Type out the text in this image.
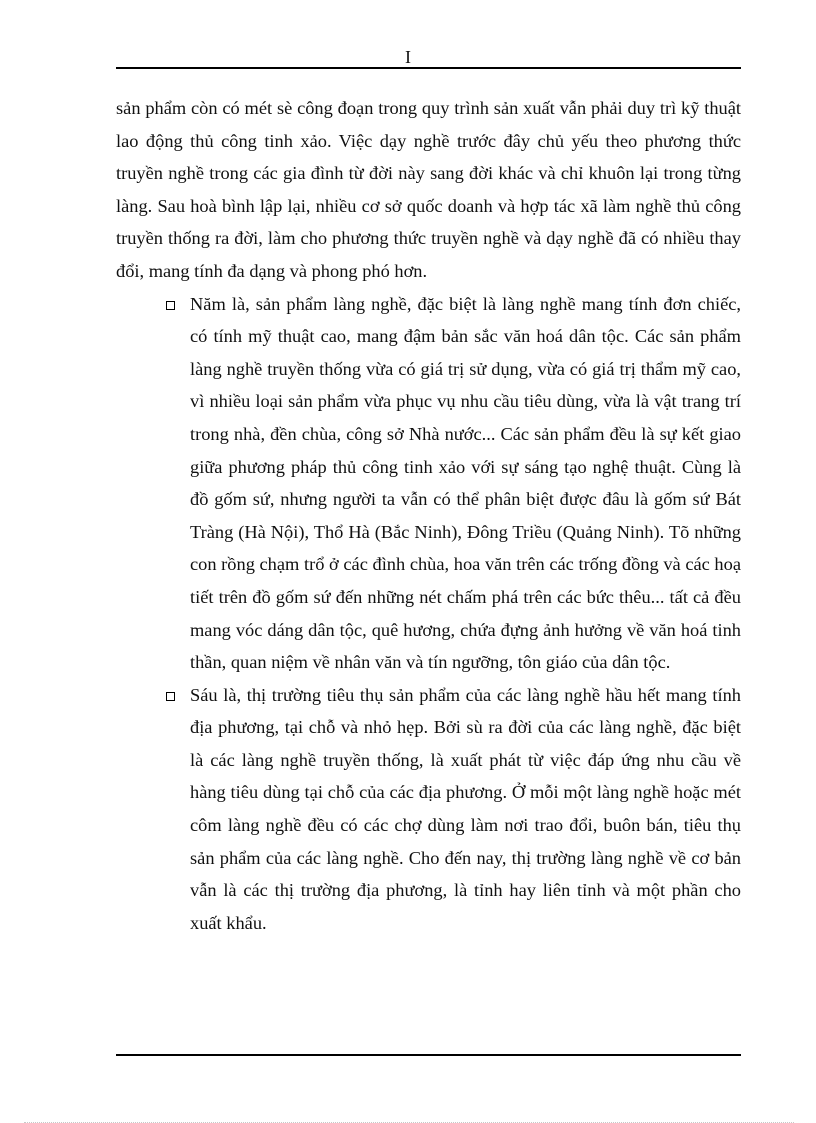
I

sản phẩm còn có mét sè công đoạn trong quy trình sản xuất vẫn phải duy trì kỹ thuật lao động thủ công tinh xảo. Việc dạy nghề trước đây chủ yếu theo phương thức truyền nghề trong các gia đình từ đời này sang đời khác và chỉ khuôn lại trong từng làng. Sau hoà bình lập lại, nhiều cơ sở quốc doanh và hợp tác xã làm nghề thủ công truyền thống ra đời, làm cho phương thức truyền nghề và dạy nghề đã có nhiều thay đổi, mang tính đa dạng và phong phó hơn.

Năm là, sản phẩm làng nghề, đặc biệt là làng nghề mang tính đơn chiếc, có tính mỹ thuật cao, mang đậm bản sắc văn hoá dân tộc. Các sản phẩm làng nghề truyền thống vừa có giá trị sử dụng, vừa có giá trị thẩm mỹ cao, vì nhiều loại sản phẩm vừa phục vụ nhu cầu tiêu dùng, vừa là vật trang trí trong nhà, đền chùa, công sở Nhà nước... Các sản phẩm đều là sự kết giao giữa phương pháp thủ công tinh xảo với sự sáng tạo nghệ thuật. Cùng là đồ gốm sứ, nhưng người ta vẫn có thể phân biệt được đâu là gốm sứ Bát Tràng (Hà Nội), Thổ Hà (Bắc Ninh), Đông Triều (Quảng Ninh). Tõ những con rồng chạm trổ ở các đình chùa, hoa văn trên các trống đồng và các hoạ tiết trên đồ gốm sứ đến những nét chấm phá trên các bức thêu... tất cả đều mang vóc dáng dân tộc, quê hương, chứa đựng ảnh hưởng về văn hoá tinh thần, quan niệm về nhân văn và tín ngưỡng, tôn giáo của dân tộc.
Sáu là, thị trường tiêu thụ sản phẩm của các làng nghề hầu hết mang tính địa phương, tại chỗ và nhỏ hẹp. Bởi sù ra đời của các làng nghề, đặc biệt là các làng nghề truyền thống, là xuất phát từ việc đáp ứng nhu cầu về hàng tiêu dùng tại chỗ của các địa phương. Ở mỗi một làng nghề hoặc mét côm làng nghề đều có các chợ dùng làm nơi trao đổi, buôn bán, tiêu thụ sản phẩm của các làng nghề. Cho đến nay, thị trường làng nghề về cơ bản vẫn là các thị trường địa phương, là tỉnh hay liên tỉnh và một phần cho xuất khẩu.
